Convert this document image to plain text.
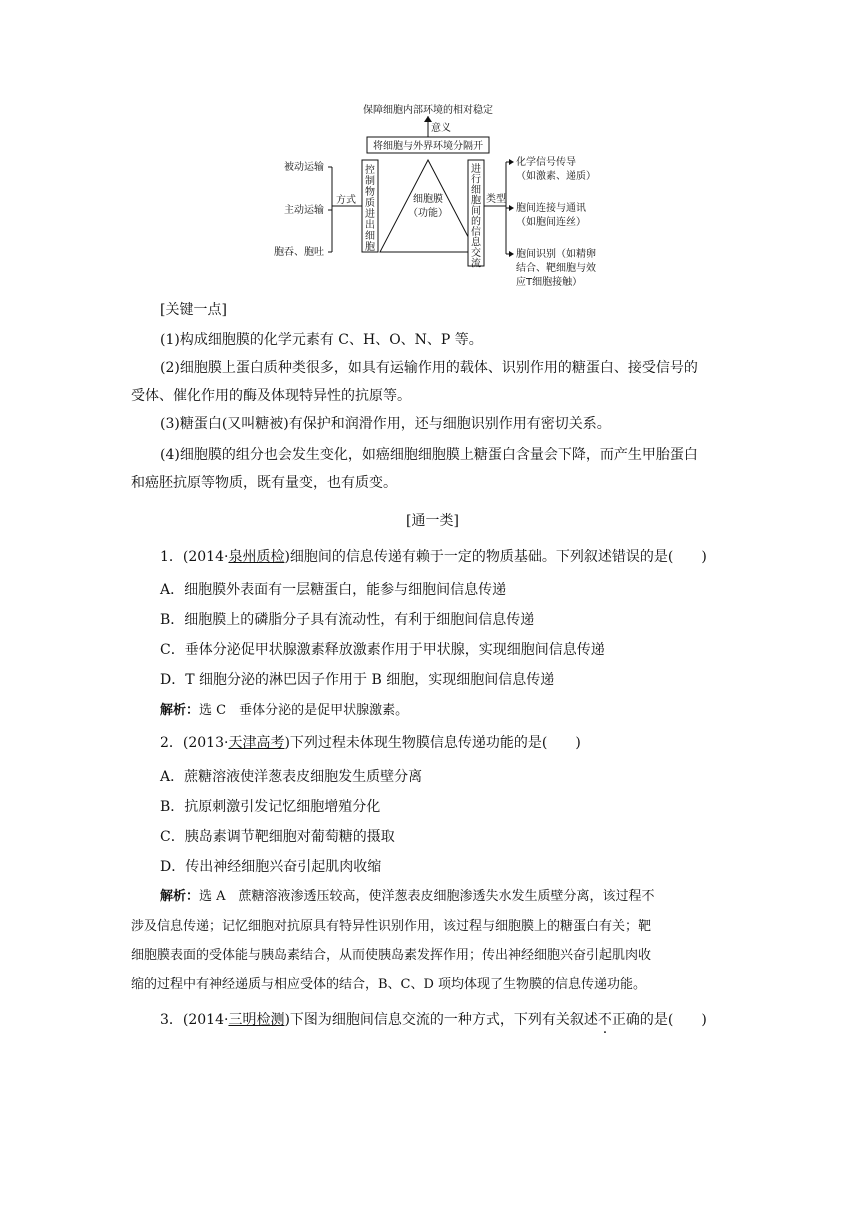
保障细胞内部环境的相对稳定
意义
将细胞与外界环境分隔开
细胞膜
（功能）
控
制
物
质
进
出
细
胞
进
行
细
胞
间
的
信
息
交
流
方式
被动运输
主动运输
胞吞、胞吐
类型
化学信号传导
（如激素、递质）
胞间连接与通讯
（如胞间连丝）
胞间识别（如精卵
结合、靶细胞与效
应T细胞接触）
[关键一点]
(1)构成细胞膜的化学元素有 C、H、O、N、P 等。
(2)细胞膜上蛋白质种类很多，如具有运输作用的载体、识别作用的糖蛋白、接受信号的
受体、催化作用的酶及体现特异性的抗原等。
(3)糖蛋白(又叫糖被)有保护和润滑作用，还与细胞识别作用有密切关系。
(4)细胞膜的组分也会发生变化，如癌细胞细胞膜上糖蛋白含量会下降，而产生甲胎蛋白
和癌胚抗原等物质，既有量变，也有质变。
[通一类]
1．(2014·泉州质检)细胞间的信息传递有赖于一定的物质基础。下列叙述错误的是( )
A．细胞膜外表面有一层糖蛋白，能参与细胞间信息传递
B．细胞膜上的磷脂分子具有流动性，有利于细胞间信息传递
C．垂体分泌促甲状腺激素释放激素作用于甲状腺，实现细胞间信息传递
D．T 细胞分泌的淋巴因子作用于 B 细胞，实现细胞间信息传递
解析：选 C　垂体分泌的是促甲状腺激素。
2．(2013·天津高考)下列过程未体现生物膜信息传递功能的是( )
A．蔗糖溶液使洋葱表皮细胞发生质壁分离
B．抗原刺激引发记忆细胞增殖分化
C．胰岛素调节靶细胞对葡萄糖的摄取
D．传出神经细胞兴奋引起肌肉收缩
解析：选 A　蔗糖溶液渗透压较高，使洋葱表皮细胞渗透失水发生质壁分离，该过程不
涉及信息传递；记忆细胞对抗原具有特异性识别作用，该过程与细胞膜上的糖蛋白有关；靶
细胞膜表面的受体能与胰岛素结合，从而使胰岛素发挥作用；传出神经细胞兴奋引起肌肉收
缩的过程中有神经递质与相应受体的结合，B、C、D 项均体现了生物膜的信息传递功能。
3．(2014·三明检测)下图为细胞间信息交流的一种方式，下列有关叙述不正确的是( )
